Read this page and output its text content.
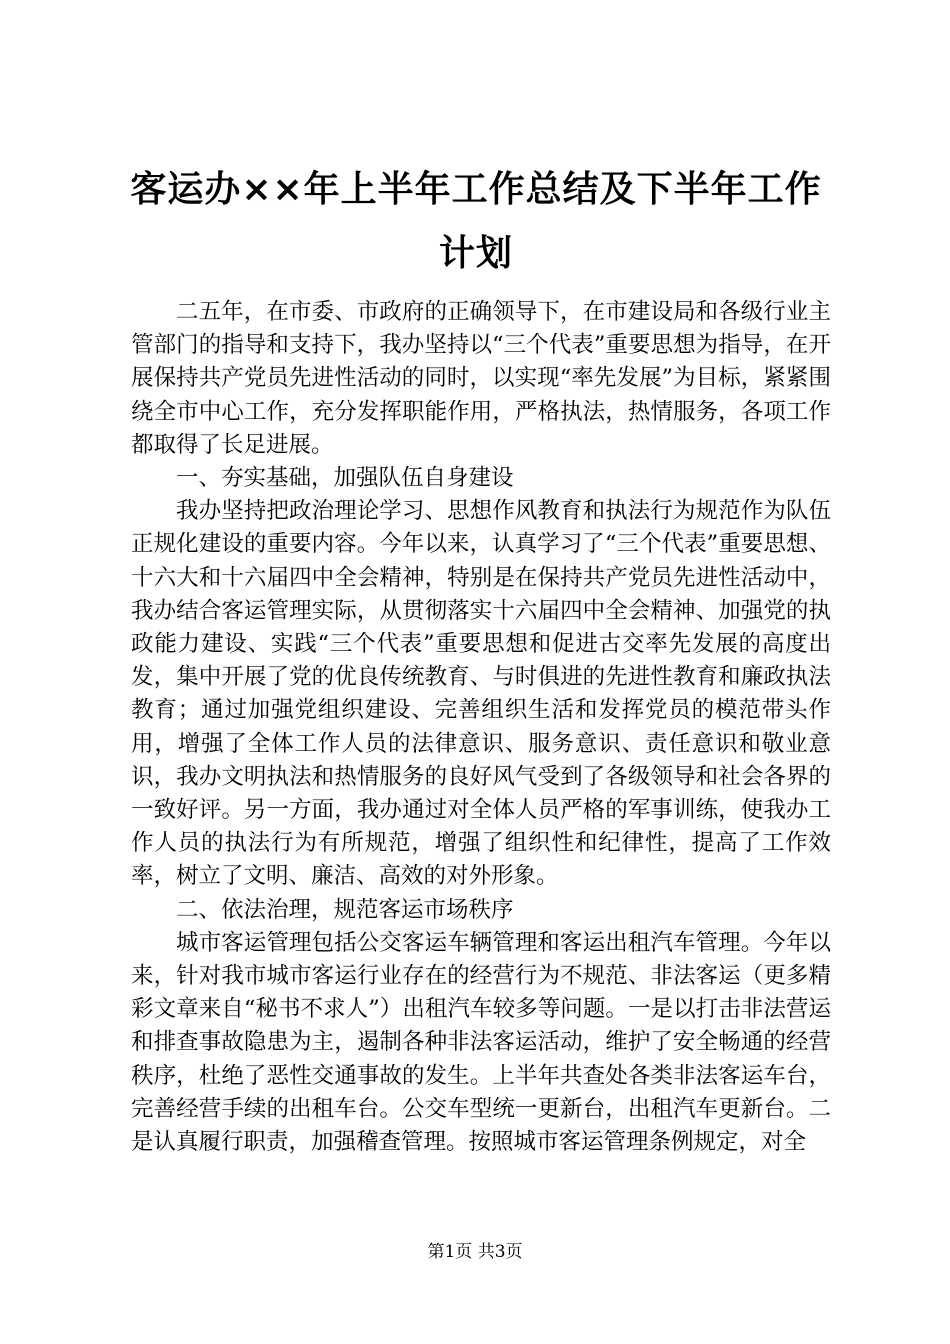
客运办××年上半年工作总结及下半年工作计划

二五年，在市委、市政府的正确领导下，在市建设局和各级行业主管部门的指导和支持下，我办坚持以“三个代表”重要思想为指导，在开展保持共产党员先进性活动的同时，以实现“率先发展”为目标，紧紧围绕全市中心工作，充分发挥职能作用，严格执法，热情服务，各项工作都取得了长足进展。

一、夯实基础，加强队伍自身建设

我办坚持把政治理论学习、思想作风教育和执法行为规范作为队伍正规化建设的重要内容。今年以来，认真学习了“三个代表”重要思想、十六大和十六届四中全会精神，特别是在保持共产党员先进性活动中，我办结合客运管理实际，从贯彻落实十六届四中全会精神、加强党的执政能力建设、实践“三个代表”重要思想和促进古交率先发展的高度出发，集中开展了党的优良传统教育、与时俱进的先进性教育和廉政执法教育；通过加强党组织建设、完善组织生活和发挥党员的模范带头作用，增强了全体工作人员的法律意识、服务意识、责任意识和敬业意识，我办文明执法和热情服务的良好风气受到了各级领导和社会各界的一致好评。另一方面，我办通过对全体人员严格的军事训练，使我办工作人员的执法行为有所规范，增强了组织性和纪律性，提高了工作效率，树立了文明、廉洁、高效的对外形象。

二、依法治理，规范客运市场秩序

城市客运管理包括公交客运车辆管理和客运出租汽车管理。今年以来，针对我市城市客运行业存在的经营行为不规范、非法客运（更多精彩文章来自“秘书不求人”）出租汽车较多等问题。一是以打击非法营运和排查事故隐患为主，遏制各种非法客运活动，维护了安全畅通的经营秩序，杜绝了恶性交通事故的发生。上半年共查处各类非法客运车台，完善经营手续的出租车台。公交车型统一更新台，出租汽车更新台。二是认真履行职责，加强稽查管理。按照城市客运管理条例规定，对全

第1页 共3页
